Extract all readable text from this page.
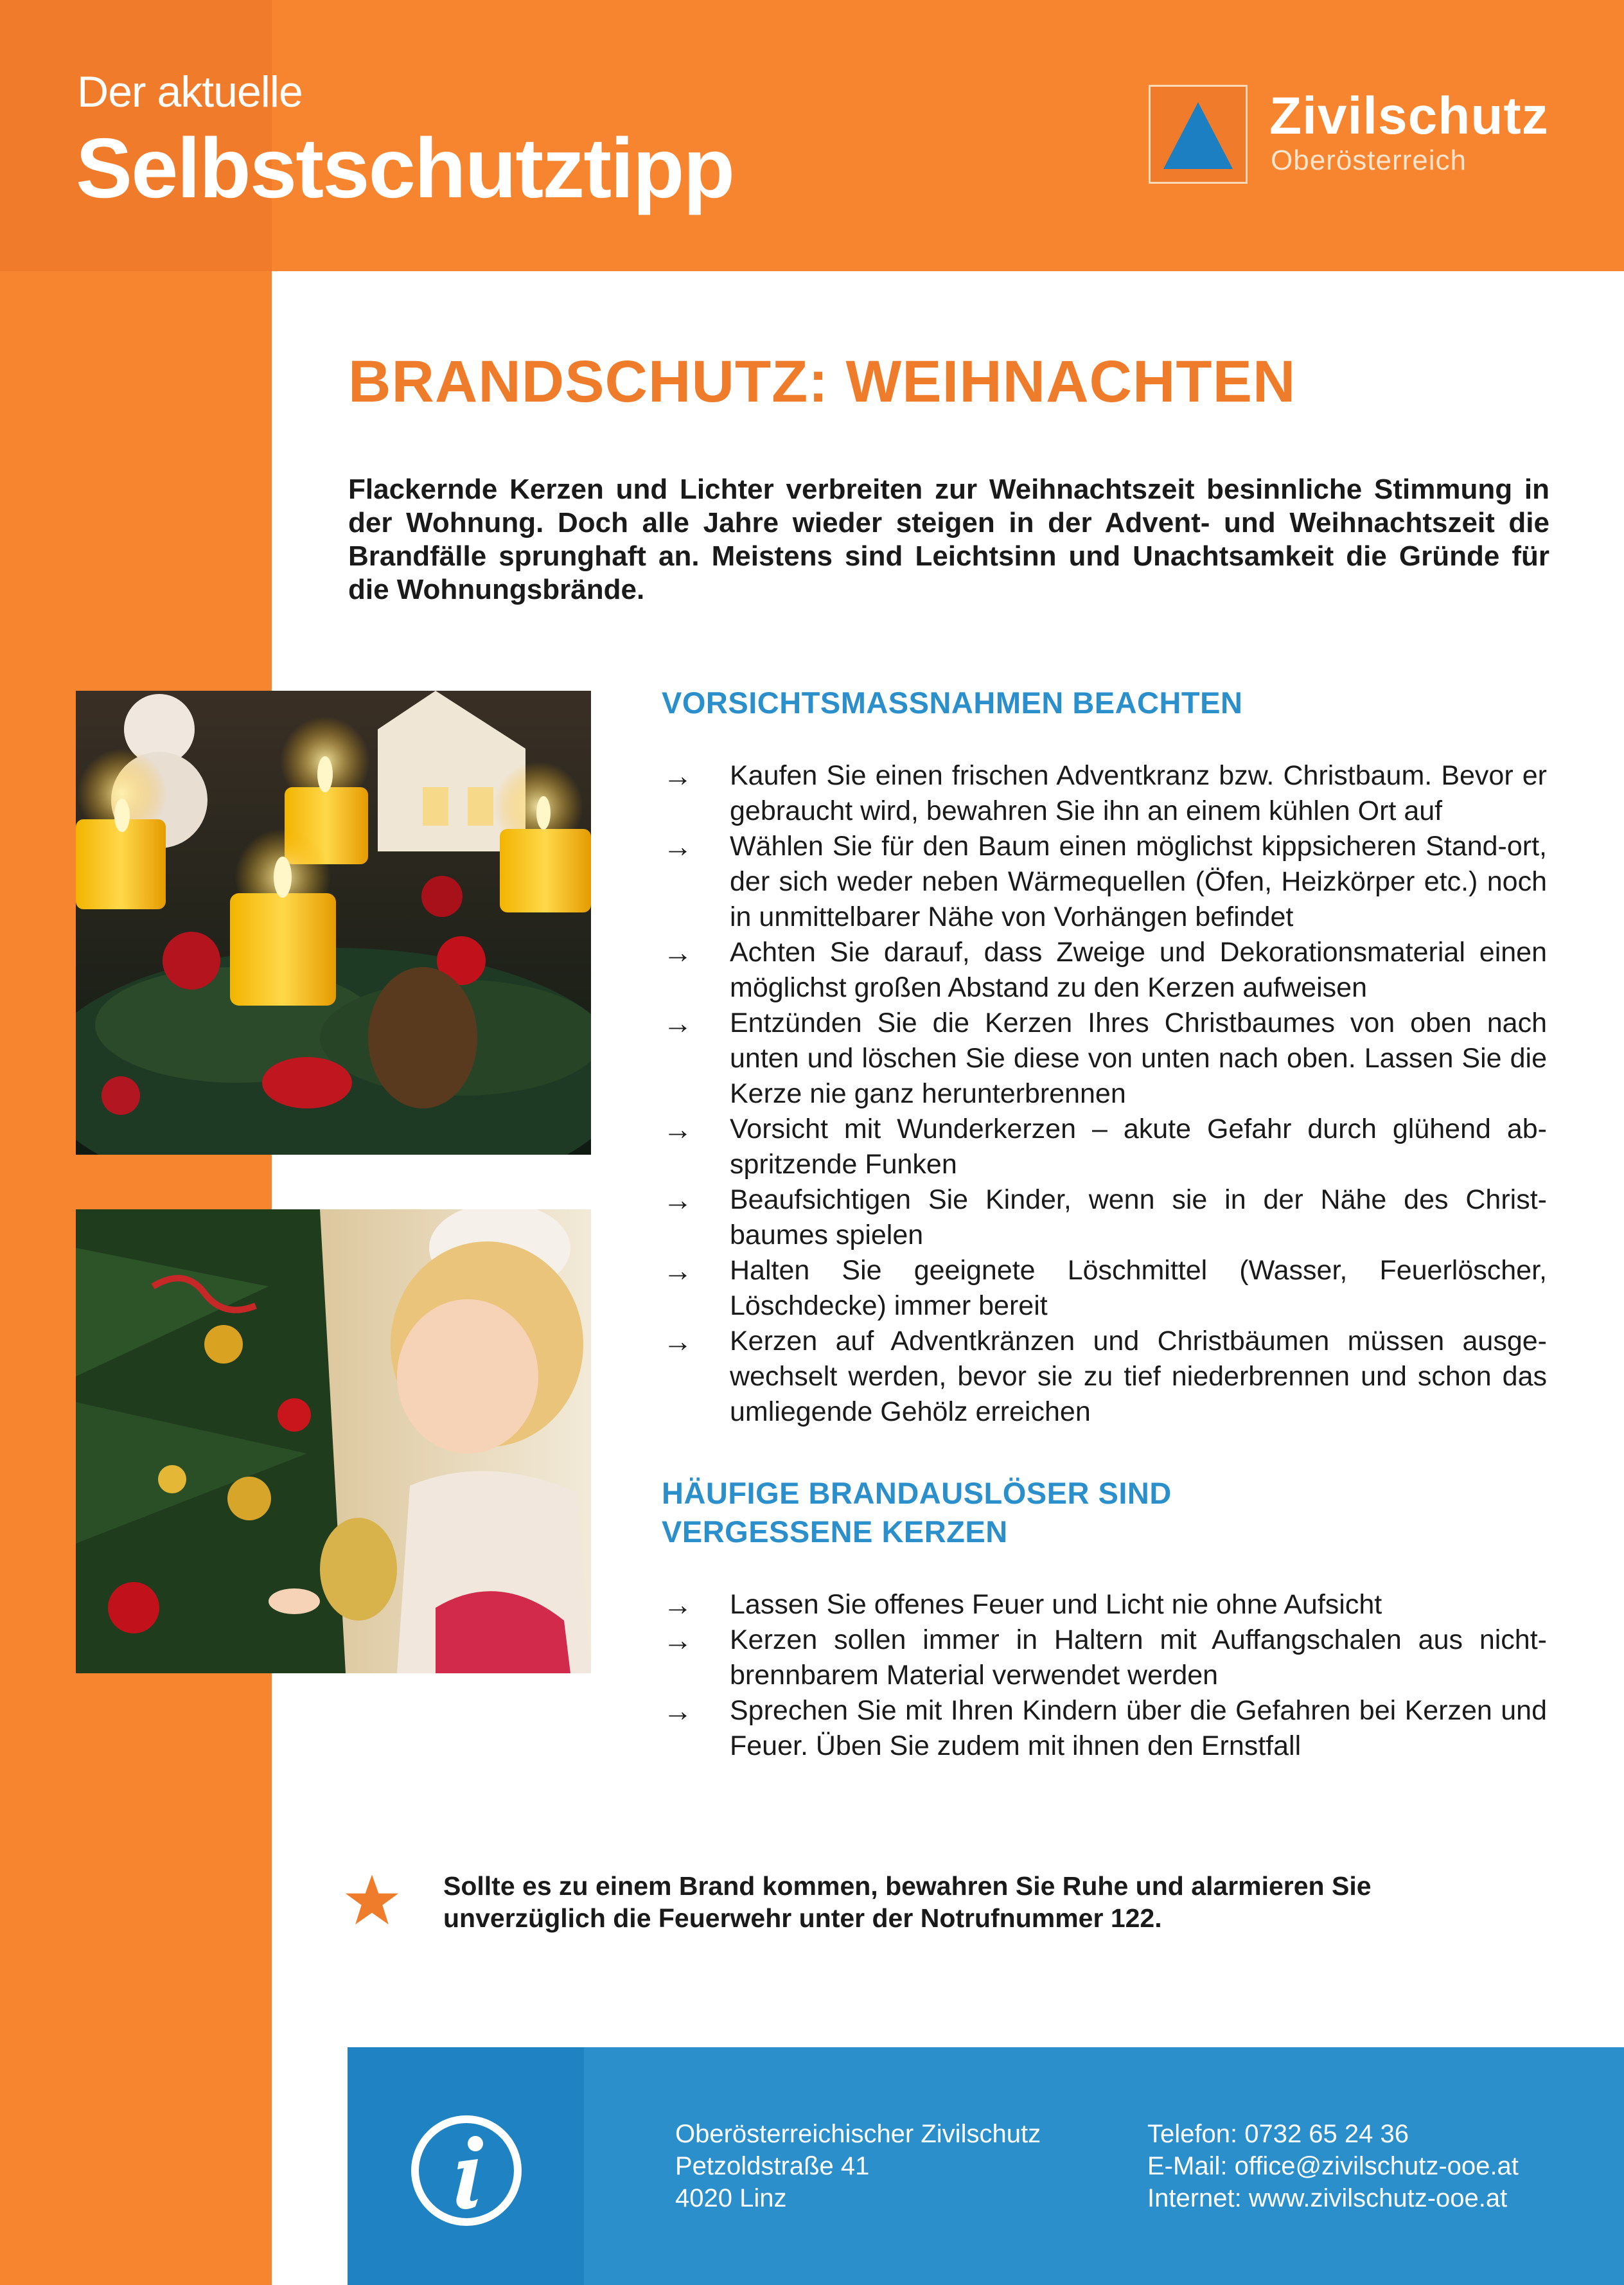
Der aktuelle
Selbstschutztipp
Zivilschutz
Oberösterreich
BRANDSCHUTZ: WEIHNACHTEN
Flackernde Kerzen und Lichter verbreiten zur Weihnachtszeit besinnliche Stimmung in der Wohnung. Doch alle Jahre wieder steigen in der Advent- und Weihnachtszeit die Brandfälle sprunghaft an. Meistens sind Leichtsinn und Unachtsamkeit die Gründe für die Wohnungsbrände.
VORSICHTSMASSNAHMEN BEACHTEN
→ Kaufen Sie einen frischen Adventkranz bzw. Christbaum. Bevor er gebraucht wird, bewahren Sie ihn an einem kühlen Ort auf
→ Wählen Sie für den Baum einen möglichst kippsicheren Stand-ort, der sich weder neben Wärmequellen (Öfen, Heizkörper etc.) noch in unmittelbarer Nähe von Vorhängen befindet
→ Achten Sie darauf, dass Zweige und Dekorationsmaterial einen möglichst großen Abstand zu den Kerzen aufweisen
→ Entzünden Sie die Kerzen Ihres Christbaumes von oben nach unten und löschen Sie diese von unten nach oben. Lassen Sie die Kerze nie ganz herunterbrennen
→ Vorsicht mit Wunderkerzen – akute Gefahr durch glühend ab-spritzende Funken
→ Beaufsichtigen Sie Kinder, wenn sie in der Nähe des Christ-baumes spielen
→ Halten Sie geeignete Löschmittel (Wasser, Feuerlöscher, Löschdecke) immer bereit
→ Kerzen auf Adventkränzen und Christbäumen müssen ausge-wechselt werden, bevor sie zu tief niederbrennen und schon das umliegende Gehölz erreichen
HÄUFIGE BRANDAUSLÖSER SIND
VERGESSENE KERZEN
→ Lassen Sie offenes Feuer und Licht nie ohne Aufsicht
→ Kerzen sollen immer in Haltern mit Auffangschalen aus nicht-brennbarem Material verwendet werden
→ Sprechen Sie mit Ihren Kindern über die Gefahren bei Kerzen und Feuer. Üben Sie zudem mit ihnen den Ernstfall
Sollte es zu einem Brand kommen, bewahren Sie Ruhe und alarmieren Sie
unverzüglich die Feuerwehr unter der Notrufnummer 122.
Oberösterreichischer Zivilschutz
Petzoldstraße 41
4020 Linz
Telefon: 0732 65 24 36
E-Mail: office@zivilschutz-ooe.at
Internet: www.zivilschutz-ooe.at
